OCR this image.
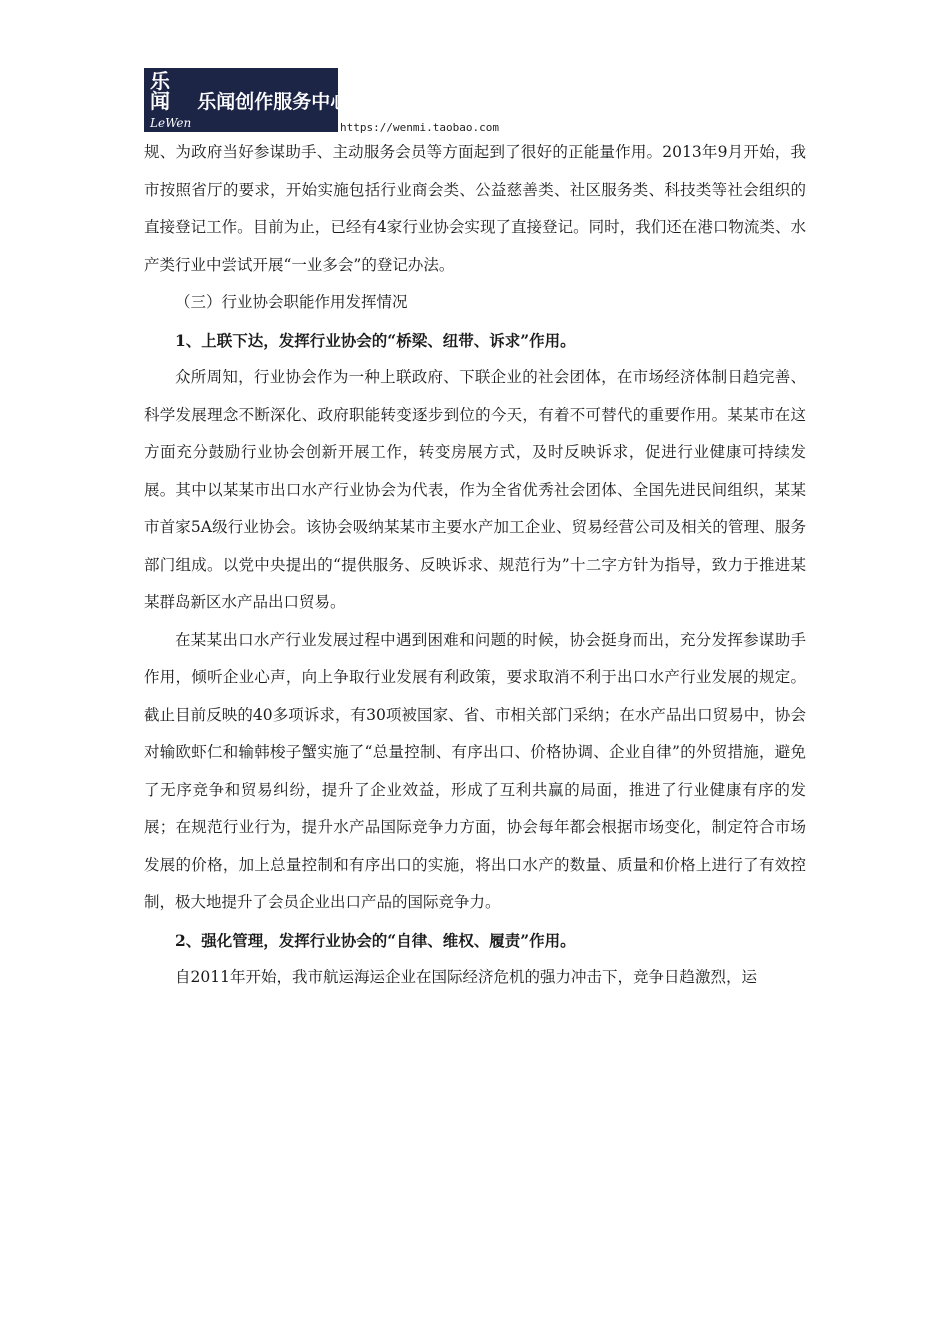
乐闻
LeWen
乐闻创作服务中心
https://wenmi.taobao.com

规、为政府当好参谋助手、主动服务会员等方面起到了很好的正能量作用。2013年9月开始，我市按照省厅的要求，开始实施包括行业商会类、公益慈善类、社区服务类、科技类等社会组织的直接登记工作。目前为止，已经有4家行业协会实现了直接登记。同时，我们还在港口物流类、水产类行业中尝试开展“一业多会”的登记办法。

（三）行业协会职能作用发挥情况

1、上联下达，发挥行业协会的“桥梁、纽带、诉求”作用。

众所周知，行业协会作为一种上联政府、下联企业的社会团体，在市场经济体制日趋完善、科学发展理念不断深化、政府职能转变逐步到位的今天，有着不可替代的重要作用。某某市在这方面充分鼓励行业协会创新开展工作，转变房展方式，及时反映诉求，促进行业健康可持续发展。其中以某某市出口水产行业协会为代表，作为全省优秀社会团体、全国先进民间组织，某某市首家5A级行业协会。该协会吸纳某某市主要水产加工企业、贸易经营公司及相关的管理、服务部门组成。以党中央提出的“提供服务、反映诉求、规范行为”十二字方针为指导，致力于推进某某群岛新区水产品出口贸易。

在某某出口水产行业发展过程中遇到困难和问题的时候，协会挺身而出，充分发挥参谋助手作用，倾听企业心声，向上争取行业发展有利政策，要求取消不利于出口水产行业发展的规定。截止目前反映的40多项诉求，有30项被国家、省、市相关部门采纳；在水产品出口贸易中，协会对输欧虾仁和输韩梭子蟹实施了“总量控制、有序出口、价格协调、企业自律”的外贸措施，避免了无序竞争和贸易纠纷，提升了企业效益，形成了互利共赢的局面，推进了行业健康有序的发展；在规范行业行为，提升水产品国际竞争力方面，协会每年都会根据市场变化，制定符合市场发展的价格，加上总量控制和有序出口的实施，将出口水产的数量、质量和价格上进行了有效控制，极大地提升了会员企业出口产品的国际竞争力。

2、强化管理，发挥行业协会的“自律、维权、履责”作用。

自2011年开始，我市航运海运企业在国际经济危机的强力冲击下，竞争日趋激烈，运
